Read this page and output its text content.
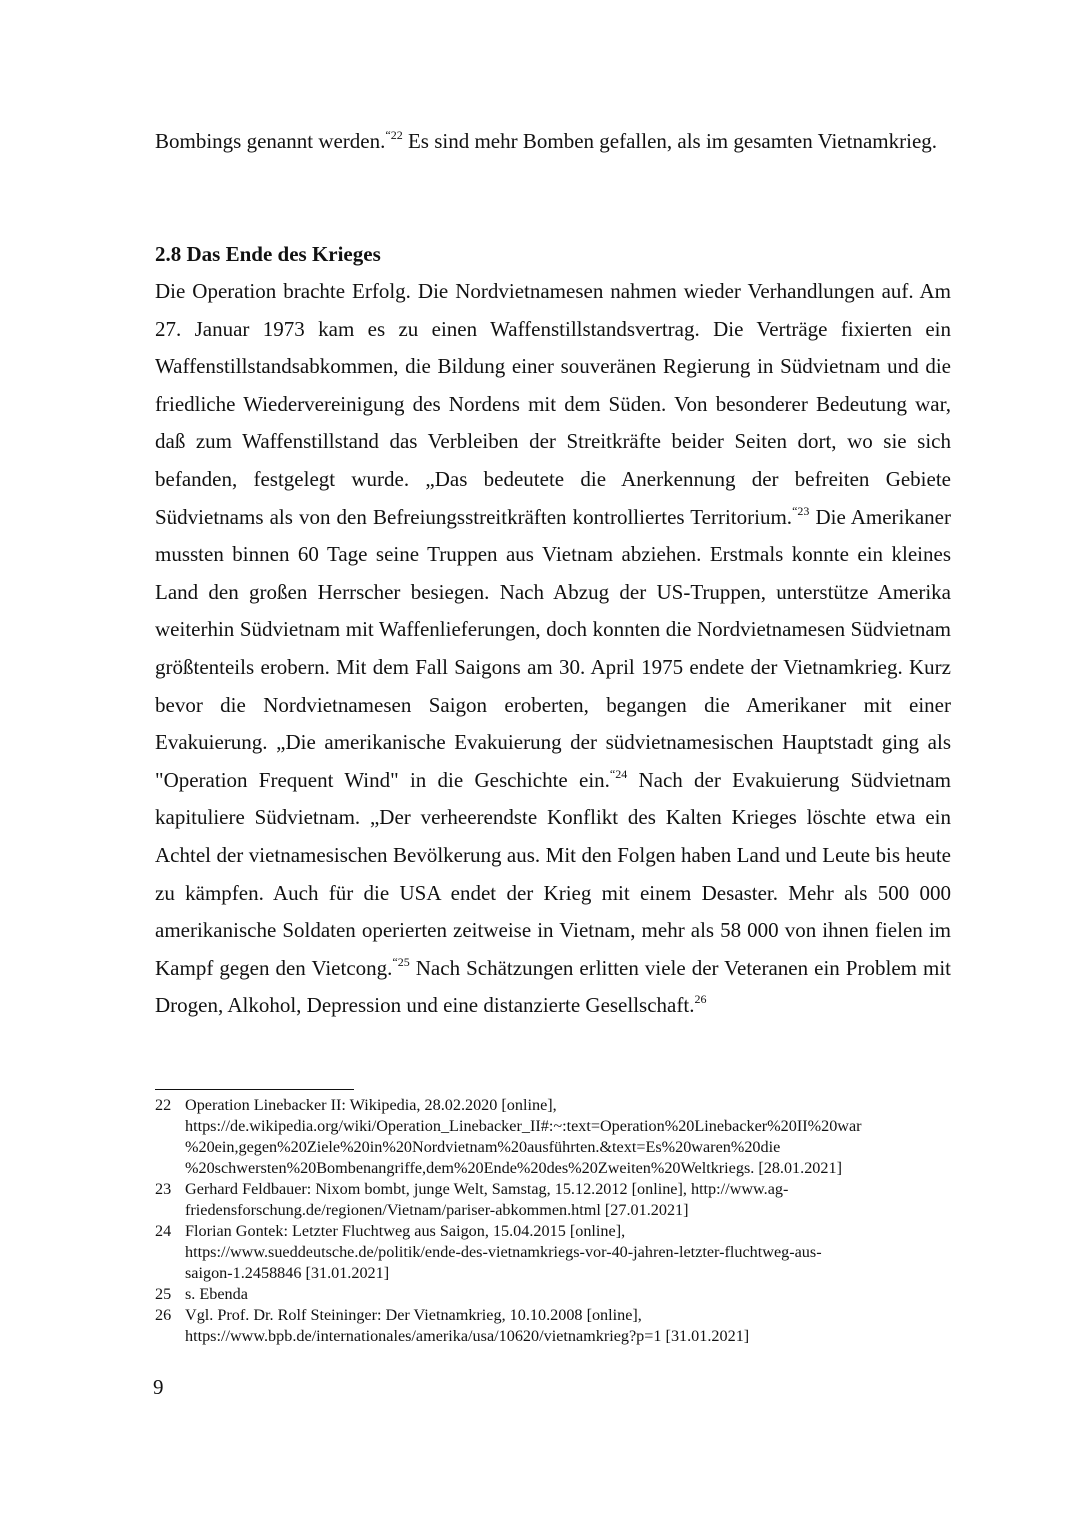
Bombings genannt werden.$^{“22}$ Es sind mehr Bomben gefallen, als im gesamten Vietnamkrieg.

2.8 Das Ende des Krieges

Die Operation brachte Erfolg. Die Nordvietnamesen nahmen wieder Verhandlungen auf. Am 27. Januar 1973 kam es zu einen Waffenstillstandsvertrag. Die Verträge fixierten ein Waffenstillstandsabkommen, die Bildung einer souveränen Regierung in Südvietnam und die friedliche Wiedervereinigung des Nordens mit dem Süden. Von besonderer Bedeutung war, daß zum Waffenstillstand das Verbleiben der Streitkräfte beider Seiten dort, wo sie sich befanden, festgelegt wurde. „Das bedeutete die Anerkennung der befreiten Gebiete Südvietnams als von den Befreiungsstreitkräften kontrolliertes Territorium.$^{“23}$ Die Amerikaner mussten binnen 60 Tage seine Truppen aus Vietnam abziehen. Erstmals konnte ein kleines Land den großen Herrscher besiegen. Nach Abzug der US-Truppen, unterstütze Amerika weiterhin Südvietnam mit Waffenlieferungen, doch konnten die Nordvietnamesen Südvietnam größtenteils erobern. Mit dem Fall Saigons am 30. April 1975 endete der Vietnamkrieg. Kurz bevor die Nordvietnamesen Saigon eroberten, begangen die Amerikaner mit einer Evakuierung. „Die amerikanische Evakuierung der südvietnamesischen Hauptstadt ging als "Operation Frequent Wind" in die Geschichte ein.$^{“24}$ Nach der Evakuierung Südvietnam kapituliere Südvietnam. „Der verheerendste Konflikt des Kalten Krieges löschte etwa ein Achtel der vietnamesischen Bevölkerung aus. Mit den Folgen haben Land und Leute bis heute zu kämpfen. Auch für die USA endet der Krieg mit einem Desaster. Mehr als 500 000 amerikanische Soldaten operierten zeitweise in Vietnam, mehr als 58 000 von ihnen fielen im Kampf gegen den Vietcong.$^{“25}$ Nach Schätzungen erlitten viele der Veteranen ein Problem mit Drogen, Alkohol, Depression und eine distanzierte Gesellschaft.$^{26}$

22 Operation Linebacker II: Wikipedia, 28.02.2020 [online],
https://de.wikipedia.org/wiki/Operation_Linebacker_II#:~:text=Operation%20Linebacker%20II%20war
%20ein,gegen%20Ziele%20in%20Nordvietnam%20ausführten.&text=Es%20waren%20die
%20schwersten%20Bombenangriffe,dem%20Ende%20des%20Zweiten%20Weltkriegs. [28.01.2021]
23 Gerhard Feldbauer: Nixom bombt, junge Welt, Samstag, 15.12.2012 [online], http://www.ag-
friedensforschung.de/regionen/Vietnam/pariser-abkommen.html [27.01.2021]
24 Florian Gontek: Letzter Fluchtweg aus Saigon, 15.04.2015 [online],
https://www.sueddeutsche.de/politik/ende-des-vietnamkriegs-vor-40-jahren-letzter-fluchtweg-aus-
saigon-1.2458846 [31.01.2021]
25 s. Ebenda
26 Vgl. Prof. Dr. Rolf Steininger: Der Vietnamkrieg, 10.10.2008 [online],
https://www.bpb.de/internationales/amerika/usa/10620/vietnamkrieg?p=1 [31.01.2021]
9
